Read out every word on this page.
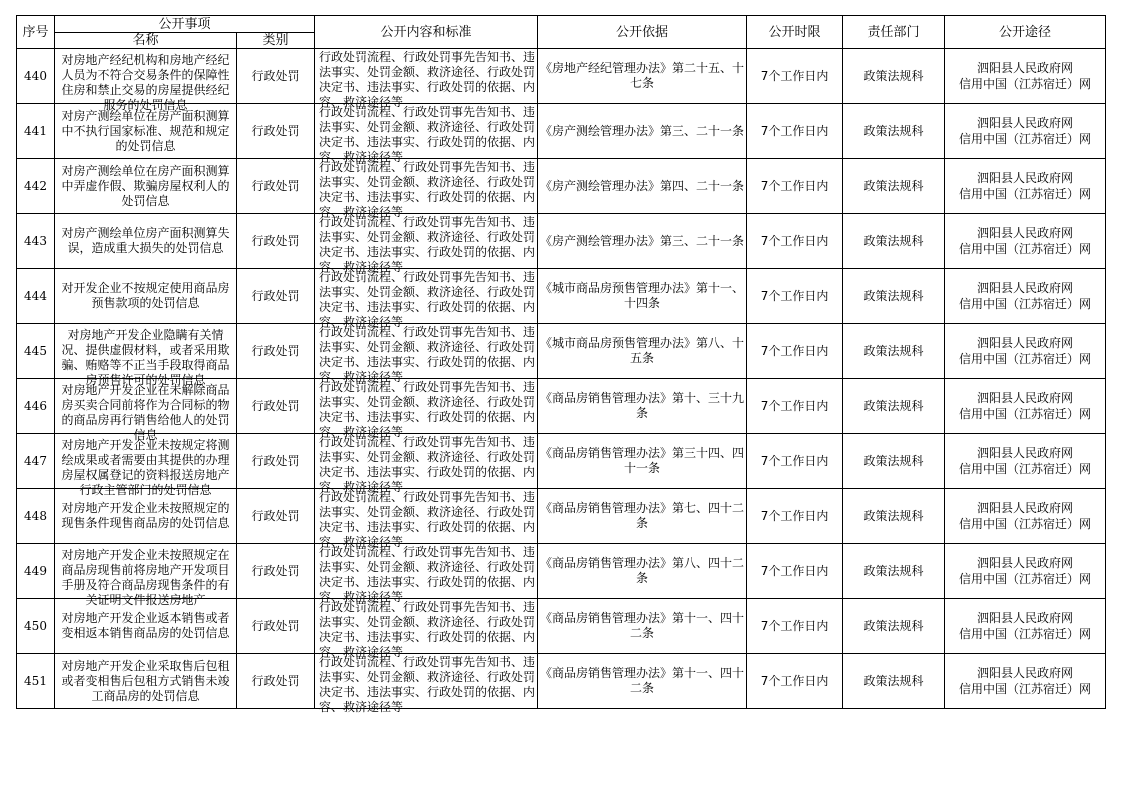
序号	公开事项		公开内容和标准	公开依据	公开时限	责任部门	公开途径
	名称	类别					

440	对房地产经纪机构和房地产经纪人员为不符合交易条件的保障性住房和禁止交易的房屋提供经纪服务的处罚信息	行政处罚	行政处罚流程、行政处罚事先告知书、违法事实、处罚金额、救济途径、行政处罚决定书、违法事实、行政处罚的依据、内容、救济途径等	《房地产经纪管理办法》第二十五、十七条	7个工作日内	政策法规科	泗阳县人民政府网
信用中国（江苏宿迁）网

441	对房产测绘单位在房产面积测算中不执行国家标准、规范和规定的处罚信息	行政处罚	行政处罚流程、行政处罚事先告知书、违法事实、处罚金额、救济途径、行政处罚决定书、违法事实、行政处罚的依据、内容、救济途径等	《房产测绘管理办法》第三、二十一条	7个工作日内	政策法规科	泗阳县人民政府网
信用中国（江苏宿迁）网

442	对房产测绘单位在房产面积测算中弄虚作假、欺骗房屋权利人的处罚信息	行政处罚	行政处罚流程、行政处罚事先告知书、违法事实、处罚金额、救济途径、行政处罚决定书、违法事实、行政处罚的依据、内容、救济途径等	《房产测绘管理办法》第四、二十一条	7个工作日内	政策法规科	泗阳县人民政府网
信用中国（江苏宿迁）网

443	对房产测绘单位房产面积测算失误，造成重大损失的处罚信息	行政处罚	行政处罚流程、行政处罚事先告知书、违法事实、处罚金额、救济途径、行政处罚决定书、违法事实、行政处罚的依据、内容、救济途径等	《房产测绘管理办法》第三、二十一条	7个工作日内	政策法规科	泗阳县人民政府网
信用中国（江苏宿迁）网

444	对开发企业不按规定使用商品房预售款项的处罚信息	行政处罚	行政处罚流程、行政处罚事先告知书、违法事实、处罚金额、救济途径、行政处罚决定书、违法事实、行政处罚的依据、内容、救济途径等	《城市商品房预售管理办法》第十一、十四条	7个工作日内	政策法规科	泗阳县人民政府网
信用中国（江苏宿迁）网

445	对房地产开发企业隐瞒有关情况、提供虚假材料，或者采用欺骗、贿赂等不正当手段取得商品房预售许可的处罚信息	行政处罚	行政处罚流程、行政处罚事先告知书、违法事实、处罚金额、救济途径、行政处罚决定书、违法事实、行政处罚的依据、内容、救济途径等	《城市商品房预售管理办法》第八、十五条	7个工作日内	政策法规科	泗阳县人民政府网
信用中国（江苏宿迁）网

446	对房地产开发企业在未解除商品房买卖合同前将作为合同标的物的商品房再行销售给他人的处罚信息	行政处罚	行政处罚流程、行政处罚事先告知书、违法事实、处罚金额、救济途径、行政处罚决定书、违法事实、行政处罚的依据、内容、救济途径等	《商品房销售管理办法》第十、三十九条	7个工作日内	政策法规科	泗阳县人民政府网
信用中国（江苏宿迁）网

447	对房地产开发企业未按规定将测绘成果或者需要由其提供的办理房屋权属登记的资料报送房地产行政主管部门的处罚信息	行政处罚	行政处罚流程、行政处罚事先告知书、违法事实、处罚金额、救济途径、行政处罚决定书、违法事实、行政处罚的依据、内容、救济途径等	《商品房销售管理办法》第三十四、四十一条	7个工作日内	政策法规科	泗阳县人民政府网
信用中国（江苏宿迁）网

448	对房地产开发企业未按照规定的现售条件现售商品房的处罚信息	行政处罚	行政处罚流程、行政处罚事先告知书、违法事实、处罚金额、救济途径、行政处罚决定书、违法事实、行政处罚的依据、内容、救济途径等	《商品房销售管理办法》第七、四十二条	7个工作日内	政策法规科	泗阳县人民政府网
信用中国（江苏宿迁）网

449	对房地产开发企业未按照规定在商品房现售前将房地产开发项目手册及符合商品房现售条件的有关证明文件报送房地产	行政处罚	行政处罚流程、行政处罚事先告知书、违法事实、处罚金额、救济途径、行政处罚决定书、违法事实、行政处罚的依据、内容、救济途径等	《商品房销售管理办法》第八、四十二条	7个工作日内	政策法规科	泗阳县人民政府网
信用中国（江苏宿迁）网

450	对房地产开发企业返本销售或者变相返本销售商品房的处罚信息	行政处罚	行政处罚流程、行政处罚事先告知书、违法事实、处罚金额、救济途径、行政处罚决定书、违法事实、行政处罚的依据、内容、救济途径等	《商品房销售管理办法》第十一、四十二条	7个工作日内	政策法规科	泗阳县人民政府网
信用中国（江苏宿迁）网

451	对房地产开发企业采取售后包租或者变相售后包租方式销售未竣工商品房的处罚信息	行政处罚	行政处罚流程、行政处罚事先告知书、违法事实、处罚金额、救济途径、行政处罚决定书、违法事实、行政处罚的依据、内容、救济途径等	《商品房销售管理办法》第十一、四十二条	7个工作日内	政策法规科	泗阳县人民政府网
信用中国（江苏宿迁）网
